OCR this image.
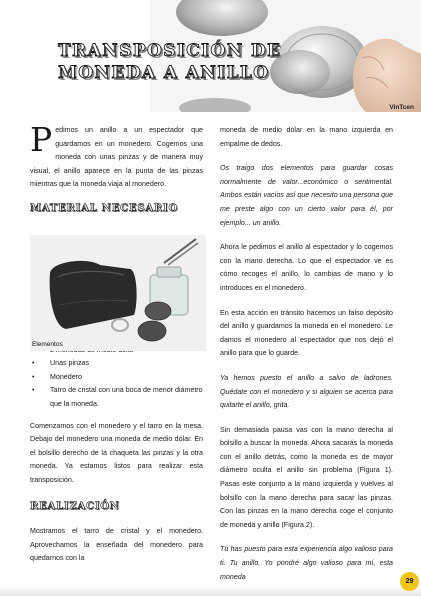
TRANSPOSICIÓN DE
MONEDA A ANILLO
VinTcen

Pedimos un anillo a un espectador que guardamos en un monedero. Cogemos una moneda con unas pinzas y de manera muy visual, el anillo aparece en la punta de las pinzas mientras que la moneda viaja al monedero.

MATERIAL NECESARIO
•
• Unas pinzas
• Monedero
• Tarro de cristal con una boca de menor diámetro que la moneda.

Comenzamos con el monedero y el tarro en la mesa. Debajo del monedero una moneda de medio dólar. En el bolsillo derecho de la chaqueta las pinzas y la otra moneda. Ya estamos listos para realizar esta transposición.

REALIZACIÓN

Mostramos el tarro de cristal y el monedero. Aprovechamos la enseñada del monedero para quedarnos con la

Elementos

moneda de medio dólar en la mano izquierda en empalme de dedos.

Os traigo dos elementos para guardar cosas normalmente de valor...económico o sentimental. Ambos están vacíos así que necesito una persona que me preste algo con un cierto valor para él, por ejemplo... un anillo.

Ahora le pedimos el anillo al espectador y lo cogemos con la mano derecha. Lo que el espectador ve es cómo recoges el anillo, lo cambias de mano y lo introduces en el monedero.

En esta acción en tránsito hacemos un falso depósito del anillo y guardamos la moneda en el monedero. Le damos el monedero al espectador que nos dejó el anillo para que lo guarde.

Ya hemos puesto el anillo a salvo de ladrones. Quédate con el monedero y si alguien se acerca para quitarte el anillo, grita.

Sin demasiada pausa vas con la mano derecha al bolsillo a buscar la moneda. Ahora sacarás la moneda con el anillo detrás, como la moneda es de mayor diámetro oculta el anillo sin problema (Figura 1). Pasas este conjunto a la mano izquierda y vuelves al bolsillo con la mano derecha para sacar las pinzas. Con las pinzas en la mano derecha coge el conjunto de moneda y anillo (Figura 2).

Tú has puesto para esta experiencia algo valioso para ti. Tu anillo. Yo pondré algo valioso para mí, esta moneda

29
